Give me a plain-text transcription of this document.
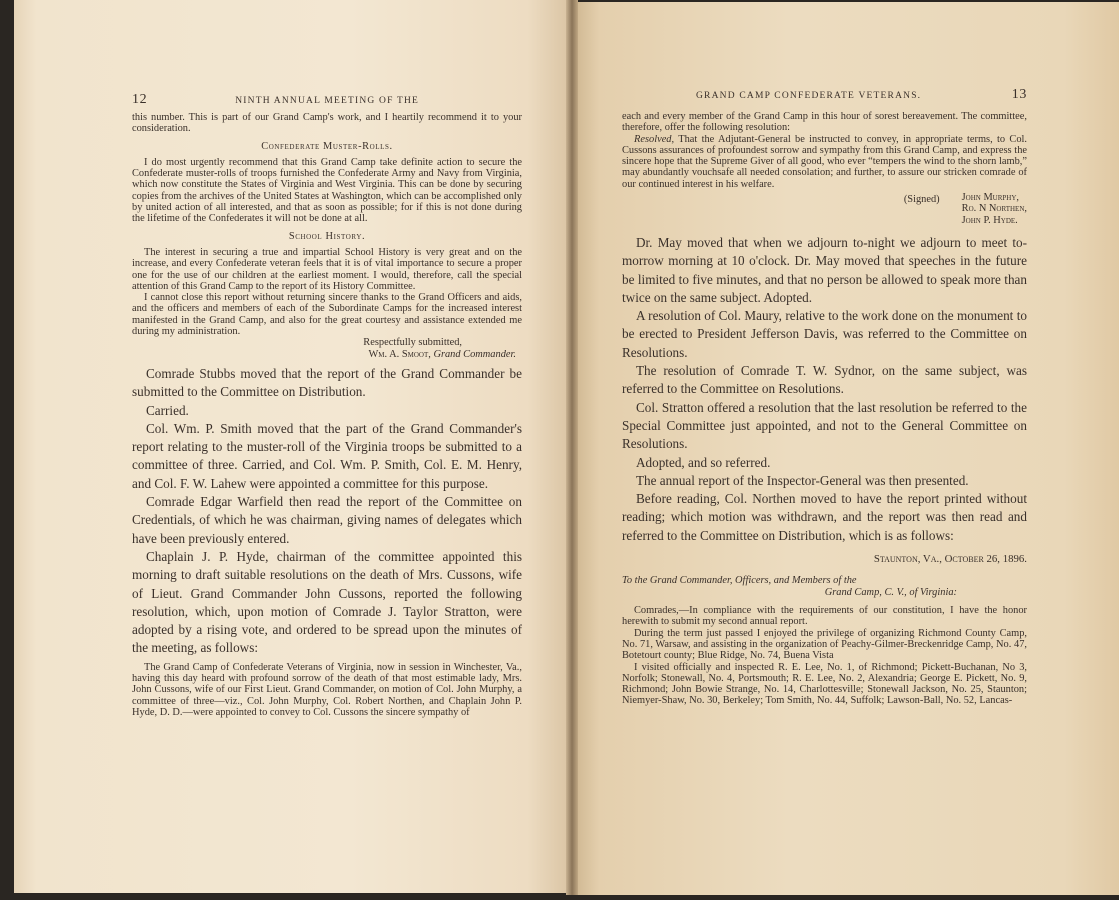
12	NINTH ANNUAL MEETING OF THE

this number. This is part of our Grand Camp's work, and I heartily recommend it to your consideration.

Confederate Muster-Rolls.

I do most urgently recommend that this Grand Camp take definite action to secure the Confederate muster-rolls of troops furnished the Confederate Army and Navy from Virginia, which now constitute the States of Virginia and West Virginia. This can be done by securing copies from the archives of the United States at Washington, which can be accomplished only by united action of all interested, and that as soon as possible; for if this is not done during the lifetime of the Confederates it will not be done at all.

School History.

The interest in securing a true and impartial School History is very great and on the increase, and every Confederate veteran feels that it is of vital importance to secure a proper one for the use of our children at the earliest moment. I would, therefore, call the special attention of this Grand Camp to the report of its History Committee.

I cannot close this report without returning sincere thanks to the Grand Officers and aids, and the officers and members of each of the Subordinate Camps for the increased interest manifested in the Grand Camp, and also for the great courtesy and assistance extended me during my administration.

Respectfully submitted,
Wm. A. Smoot, Grand Commander.

Comrade Stubbs moved that the report of the Grand Commander be submitted to the Committee on Distribution.

Carried.

Col. Wm. P. Smith moved that the part of the Grand Commander's report relating to the muster-roll of the Virginia troops be submitted to a committee of three. Carried, and Col. Wm. P. Smith, Col. E. M. Henry, and Col. F. W. Lahew were appointed a committee for this purpose.

Comrade Edgar Warfield then read the report of the Committee on Credentials, of which he was chairman, giving names of delegates which have been previously entered.

Chaplain J. P. Hyde, chairman of the committee appointed this morning to draft suitable resolutions on the death of Mrs. Cussons, wife of Lieut. Grand Commander John Cussons, reported the following resolution, which, upon motion of Comrade J. Taylor Stratton, were adopted by a rising vote, and ordered to be spread upon the minutes of the meeting, as follows:

The Grand Camp of Confederate Veterans of Virginia, now in session in Winchester, Va., having this day heard with profound sorrow of the death of that most estimable lady, Mrs. John Cussons, wife of our First Lieut. Grand Commander, on motion of Col. John Murphy, a committee of three—viz., Col. John Murphy, Col. Robert Northen, and Chaplain John P. Hyde, D. D.—were appointed to convey to Col. Cussons the sincere sympathy of

GRAND CAMP CONFEDERATE VETERANS.	13

each and every member of the Grand Camp in this hour of sorest bereavement. The committee, therefore, offer the following resolution:

Resolved, That the Adjutant-General be instructed to convey, in appropriate terms, to Col. Cussons assurances of profoundest sorrow and sympathy from this Grand Camp, and express the sincere hope that the Supreme Giver of all good, who ever “tempers the wind to the shorn lamb,” may abundantly vouchsafe all needed consolation; and further, to assure our stricken comrade of our continued interest in his welfare.

(Signed) John Murphy,
Ro. N Northen,
John P. Hyde.

Dr. May moved that when we adjourn to-night we adjourn to meet to-morrow morning at 10 o'clock. Dr. May moved that speeches in the future be limited to five minutes, and that no person be allowed to speak more than twice on the same subject. Adopted.

A resolution of Col. Maury, relative to the work done on the monument to be erected to President Jefferson Davis, was referred to the Committee on Resolutions.

The resolution of Comrade T. W. Sydnor, on the same subject, was referred to the Committee on Resolutions.

Col. Stratton offered a resolution that the last resolution be referred to the Special Committee just appointed, and not to the General Committee on Resolutions.

Adopted, and so referred.

The annual report of the Inspector-General was then presented.

Before reading, Col. Northen moved to have the report printed without reading; which motion was withdrawn, and the report was then read and referred to the Committee on Distribution, which is as follows:

Staunton, Va., October 26, 1896.
To the Grand Commander, Officers, and Members of the
Grand Camp, C. V., of Virginia:

Comrades,—In compliance with the requirements of our constitution, I have the honor herewith to submit my second annual report.

During the term just passed I enjoyed the privilege of organizing Richmond County Camp, No. 71, Warsaw, and assisting in the organization of Peachy-Gilmer-Breckenridge Camp, No. 47, Botetourt county; Blue Ridge, No. 74, Buena Vista

I visited officially and inspected R. E. Lee, No. 1, of Richmond; Pickett-Buchanan, No 3, Norfolk; Stonewall, No. 4, Portsmouth; R. E. Lee, No. 2, Alexandria; George E. Pickett, No. 9, Richmond; John Bowie Strange, No. 14, Charlottesville; Stonewall Jackson, No. 25, Staunton; Niemyer-Shaw, No. 30, Berkeley; Tom Smith, No. 44, Suffolk; Lawson-Ball, No. 52, Lancas-
